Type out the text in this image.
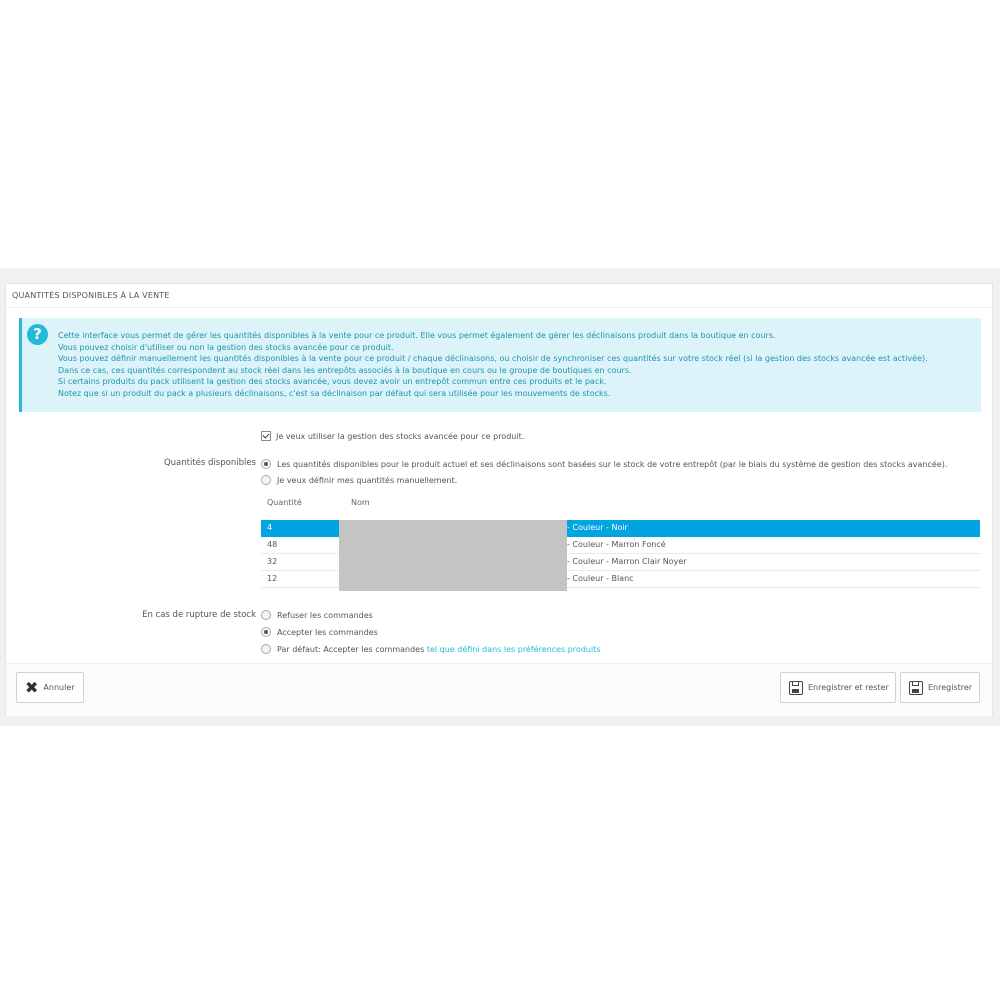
QUANTITÉS DISPONIBLES À LA VENTE
?	Cette interface vous permet de gérer les quantités disponibles à la vente pour ce produit. Elle vous permet également de gérer les déclinaisons produit dans la boutique en cours.
Vous pouvez choisir d'utiliser ou non la gestion des stocks avancée pour ce produit.
Vous pouvez définir manuellement les quantités disponibles à la vente pour ce produit / chaque déclinaisons, ou choisir de synchroniser ces quantités sur votre stock réel (si la gestion des stocks avancée est activée).
Dans ce cas, ces quantités correspondent au stock réel dans les entrepôts associés à la boutique en cours ou le groupe de boutiques en cours.
Si certains produits du pack utilisent la gestion des stocks avancée, vous devez avoir un entrepôt commun entre ces produits et le pack.
Notez que si un produit du pack a plusieurs déclinaisons, c'est sa déclinaison par défaut qui sera utilisée pour les mouvements de stocks.
Je veux utiliser la gestion des stocks avancée pour ce produit.
Quantités disponibles	Les quantités disponibles pour le produit actuel et ses déclinaisons sont basées sur le stock de votre entrepôt (par le biais du système de gestion des stocks avancée).
Je veux définir mes quantités manuellement.
Quantité	Nom
4	- Couleur - Noir
48	- Couleur - Marron Foncé
32	- Couleur - Marron Clair Noyer
12	- Couleur - Blanc
En cas de rupture de stock	Refuser les commandes
Accepter les commandes
Par défaut: Accepter les commandes
tel que défini dans les préférences produits
✖ Annuler	Enregistrer et rester	Enregistrer
